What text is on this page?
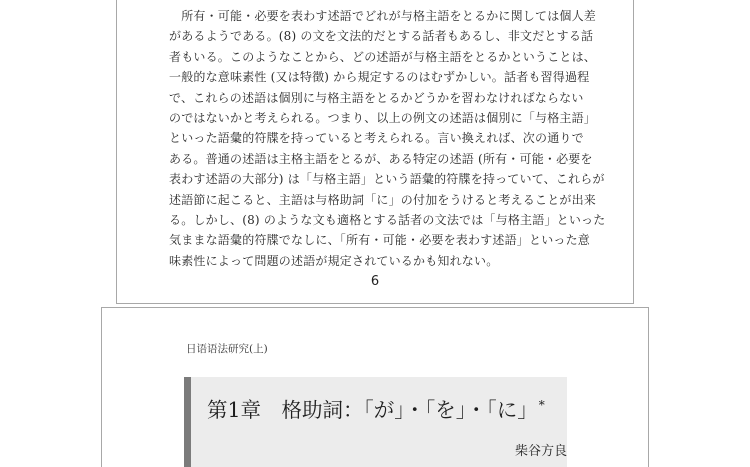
　所有・可能・必要を表わす述語でどれが与格主語をとるかに関しては個人差
があるようである。(8) の文を文法的だとする話者もあるし、非文だとする話
者もいる。このようなことから、どの述語が与格主語をとるかということは、
一般的な意味素性 (又は特徴) から規定するのはむずかしい。話者も習得過程
で、これらの述語は個別に与格主語をとるかどうかを習わなければならない
のではないかと考えられる。つまり、以上の例文の述語は個別に「与格主語」
といった語彙的符牒を持っていると考えられる。言い換えれば、次の通りで
ある。普通の述語は主格主語をとるが、ある特定の述語 (所有・可能・必要を
表わす述語の大部分) は「与格主語」という語彙的符牒を持っていて、これらが
述語節に起こると、主語は与格助詞「に」の付加をうけると考えることが出来
る。しかし、(8) のような文も適格とする話者の文法では「与格主語」といった
気ままな語彙的符牒でなしに、「所有・可能・必要を表わす述語」といった意
味素性によって問題の述語が規定されているかも知れない。
6
日语语法研究(上)
第1章　格助詞：「が」・「を」・「に」*
柴谷方良
